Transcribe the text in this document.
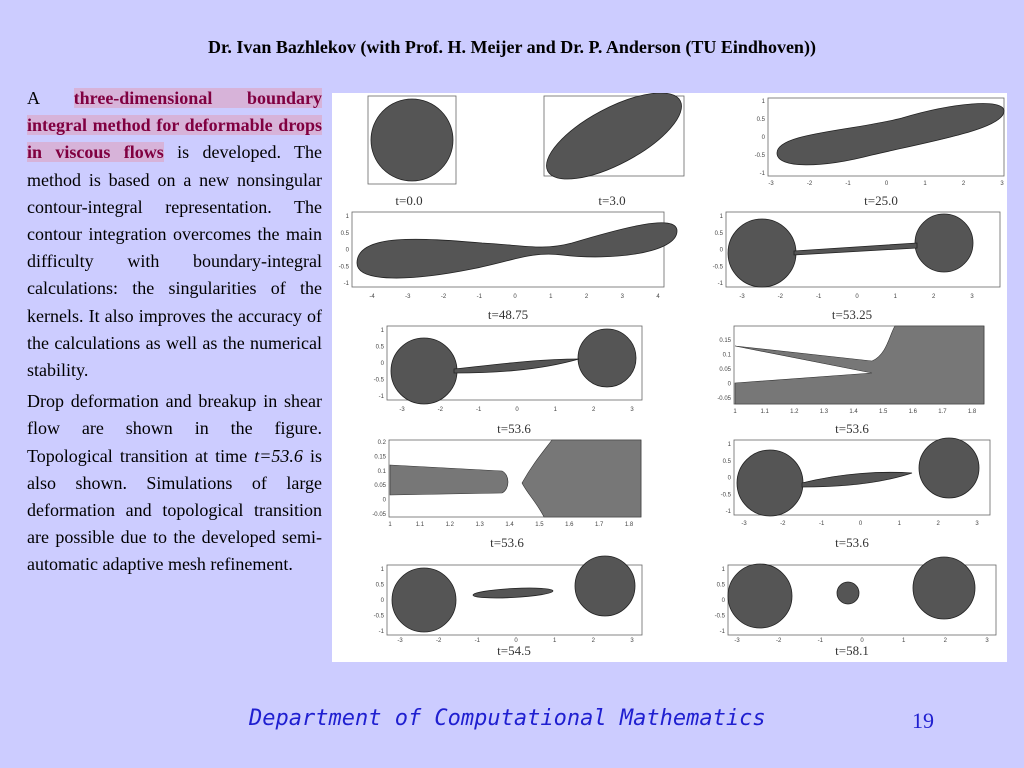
Dr. Ivan Bazhlekov (with Prof. H. Meijer and Dr. P. Anderson (TU Eindhoven))

A three-dimensional boundary integral method for deformable drops in viscous flows is developed. The method is based on a new nonsingular contour-integral representation. The contour integration overcomes the main difficulty with boundary-integral calculations: the singularities of the kernels. It also improves the accuracy of the calculations as well as the numerical stability.

Drop deformation and breakup in shear flow are shown in the figure. Topological transition at time t=53.6 is also shown. Simulations of large deformation and topological transition are possible due to the developed semi-automatic adaptive mesh refinement.

t=0.0	t=3.0	t=25.0
t=48.75	t=53.25
t=53.6	t=53.6
t=53.6	t=53.6
t=54.5	t=58.1
-3	-2	-1	0	1	2	3
1
0.5
0
-0.5
-1
-4	-3	-2	-1	0	1	2	3	4
1
0.5
0
-0.5
-1
-3	-2	-1	0	1	2	3
1
0.5
0
-0.5
-1
-3	-2	-1	0	1	2	3
1
0.5
0
-0.5
-1
1	1.1	1.2	1.3	1.4	1.5	1.6	1.7	1.8
0.15
0.1
0.05
0
-0.05
1	1.1	1.2	1.3	1.4	1.5	1.6	1.7	1.8
0.2
0.15
0.1
0.05
0
-0.05
-3	-2	-1	0	1	2	3
1
0.5
0
-0.5
-1
-3	-2	-1	0	1	2	3
1
0.5
0
-0.5
-1
-3	-2	-1	0	1	2	3
1
0.5
0
-0.5
-1
Department of Computational Mathematics	19
